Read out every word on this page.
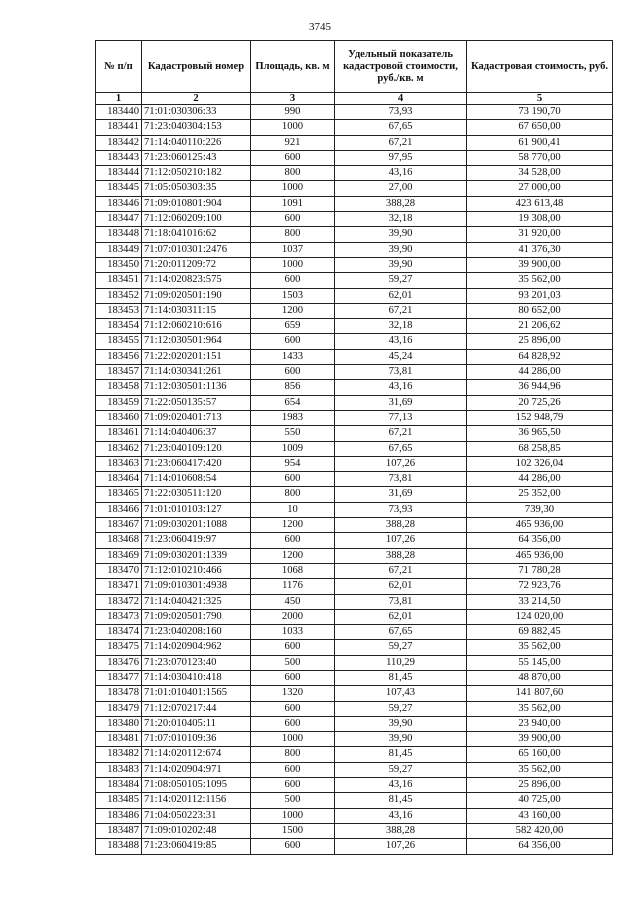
3745
№ п/п	Кадастровый номер	Площадь, кв. м	Удельный показатель кадастровой стоимости, руб./кв. м	Кадастровая стоимость, руб.
1	2	3	4	5
183440	71:01:030306:33	990	73,93	73 190,70
183441	71:23:040304:153	1000	67,65	67 650,00
183442	71:14:040110:226	921	67,21	61 900,41
183443	71:23:060125:43	600	97,95	58 770,00
183444	71:12:050210:182	800	43,16	34 528,00
183445	71:05:050303:35	1000	27,00	27 000,00
183446	71:09:010801:904	1091	388,28	423 613,48
183447	71:12:060209:100	600	32,18	19 308,00
183448	71:18:041016:62	800	39,90	31 920,00
183449	71:07:010301:2476	1037	39,90	41 376,30
183450	71:20:011209:72	1000	39,90	39 900,00
183451	71:14:020823:575	600	59,27	35 562,00
183452	71:09:020501:190	1503	62,01	93 201,03
183453	71:14:030311:15	1200	67,21	80 652,00
183454	71:12:060210:616	659	32,18	21 206,62
183455	71:12:030501:964	600	43,16	25 896,00
183456	71:22:020201:151	1433	45,24	64 828,92
183457	71:14:030341:261	600	73,81	44 286,00
183458	71:12:030501:1136	856	43,16	36 944,96
183459	71:22:050135:57	654	31,69	20 725,26
183460	71:09:020401:713	1983	77,13	152 948,79
183461	71:14:040406:37	550	67,21	36 965,50
183462	71:23:040109:120	1009	67,65	68 258,85
183463	71:23:060417:420	954	107,26	102 326,04
183464	71:14:010608:54	600	73,81	44 286,00
183465	71:22:030511:120	800	31,69	25 352,00
183466	71:01:010103:127	10	73,93	739,30
183467	71:09:030201:1088	1200	388,28	465 936,00
183468	71:23:060419:97	600	107,26	64 356,00
183469	71:09:030201:1339	1200	388,28	465 936,00
183470	71:12:010210:466	1068	67,21	71 780,28
183471	71:09:010301:4938	1176	62,01	72 923,76
183472	71:14:040421:325	450	73,81	33 214,50
183473	71:09:020501:790	2000	62,01	124 020,00
183474	71:23:040208:160	1033	67,65	69 882,45
183475	71:14:020904:962	600	59,27	35 562,00
183476	71:23:070123:40	500	110,29	55 145,00
183477	71:14:030410:418	600	81,45	48 870,00
183478	71:01:010401:1565	1320	107,43	141 807,60
183479	71:12:070217:44	600	59,27	35 562,00
183480	71:20:010405:11	600	39,90	23 940,00
183481	71:07:010109:36	1000	39,90	39 900,00
183482	71:14:020112:674	800	81,45	65 160,00
183483	71:14:020904:971	600	59,27	35 562,00
183484	71:08:050105:1095	600	43,16	25 896,00
183485	71:14:020112:1156	500	81,45	40 725,00
183486	71:04:050223:31	1000	43,16	43 160,00
183487	71:09:010202:48	1500	388,28	582 420,00
183488	71:23:060419:85	600	107,26	64 356,00
